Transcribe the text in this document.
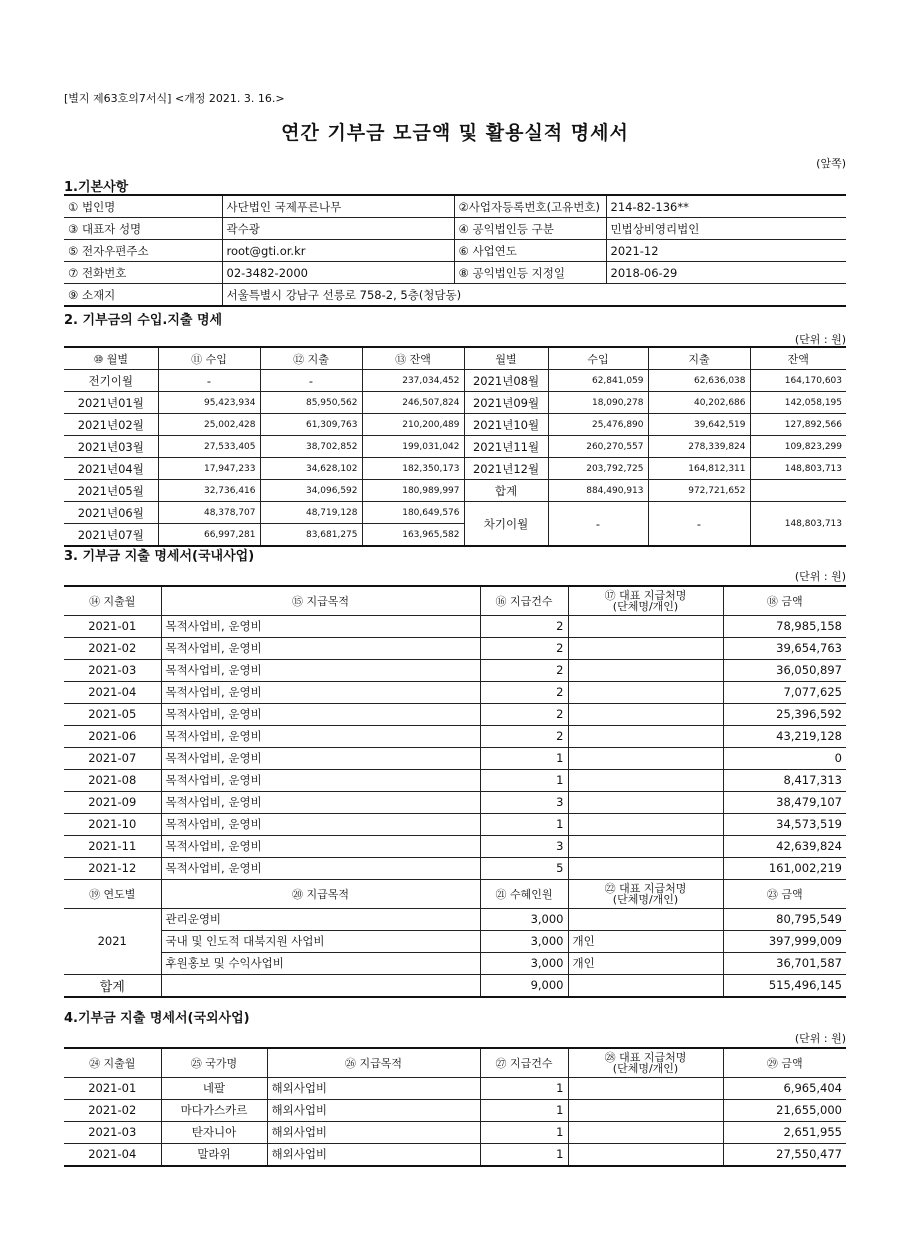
[별지 제63호의7서식] <개정 2021. 3. 16.>
연간 기부금 모금액 및 활용실적 명세서
(앞쪽)
1.기본사항
① 법인명	사단법인 국제푸른나무	②사업자등록번호(고유번호)	214-82-136**
③ 대표자 성명	곽수광	④ 공익법인등 구분	민법상비영리법인
⑤ 전자우편주소	root@gti.or.kr	⑥ 사업연도	2021-12
⑦ 전화번호	02-3482-2000	⑧ 공익법인등 지정일	2018-06-29
⑨ 소재지	서울특별시 강남구 선릉로 758-2, 5층(청담동)		
2. 기부금의 수입.지출 명세
(단위 : 원)
⑩ 월별	⑪ 수입	⑫ 지출	⑬ 잔액	월별	수입	지출	잔액
전기이월	-	-	237,034,452	2021년08월	62,841,059	62,636,038	164,170,603
2021년01월	95,423,934	85,950,562	246,507,824	2021년09월	18,090,278	40,202,686	142,058,195
2021년02월	25,002,428	61,309,763	210,200,489	2021년10월	25,476,890	39,642,519	127,892,566
2021년03월	27,533,405	38,702,852	199,031,042	2021년11월	260,270,557	278,339,824	109,823,299
2021년04월	17,947,233	34,628,102	182,350,173	2021년12월	203,792,725	164,812,311	148,803,713
2021년05월	32,736,416	34,096,592	180,989,997	합계	884,490,913	972,721,652	
2021년06월	48,378,707	48,719,128	180,649,576	차기이월	-	-	148,803,713
2021년07월	66,997,281	83,681,275	163,965,582				
3. 기부금 지출 명세서(국내사업)
(단위 : 원)
⑭ 지출월	⑮ 지급목적	⑯ 지급건수	⑰ 대표 지급처명
(단체명/개인)	⑱ 금액
2021-01	목적사업비, 운영비	2		78,985,158
2021-02	목적사업비, 운영비	2		39,654,763
2021-03	목적사업비, 운영비	2		36,050,897
2021-04	목적사업비, 운영비	2		7,077,625
2021-05	목적사업비, 운영비	2		25,396,592
2021-06	목적사업비, 운영비	2		43,219,128
2021-07	목적사업비, 운영비	1		0
2021-08	목적사업비, 운영비	1		8,417,313
2021-09	목적사업비, 운영비	3		38,479,107
2021-10	목적사업비, 운영비	1		34,573,519
2021-11	목적사업비, 운영비	3		42,639,824
2021-12	목적사업비, 운영비	5		161,002,219
⑲ 연도별	⑳ 지급목적	㉑ 수혜인원	㉒ 대표 지급처명
(단체명/개인)	㉓ 금액
2021	관리운영비	3,000		80,795,549
	국내 및 인도적 대북지원 사업비	3,000	개인	397,999,009
	후원홍보 및 수익사업비	3,000	개인	36,701,587
합계		9,000		515,496,145
4.기부금 지출 명세서(국외사업)
(단위 : 원)
㉔ 지출월	㉕ 국가명	㉖ 지급목적	㉗ 지급건수	㉘ 대표 지급처명
(단체명/개인)	㉙ 금액
2021-01	네팔	해외사업비	1		6,965,404
2021-02	마다가스카르	해외사업비	1		21,655,000
2021-03	탄자니아	해외사업비	1		2,651,955
2021-04	말라위	해외사업비	1		27,550,477
